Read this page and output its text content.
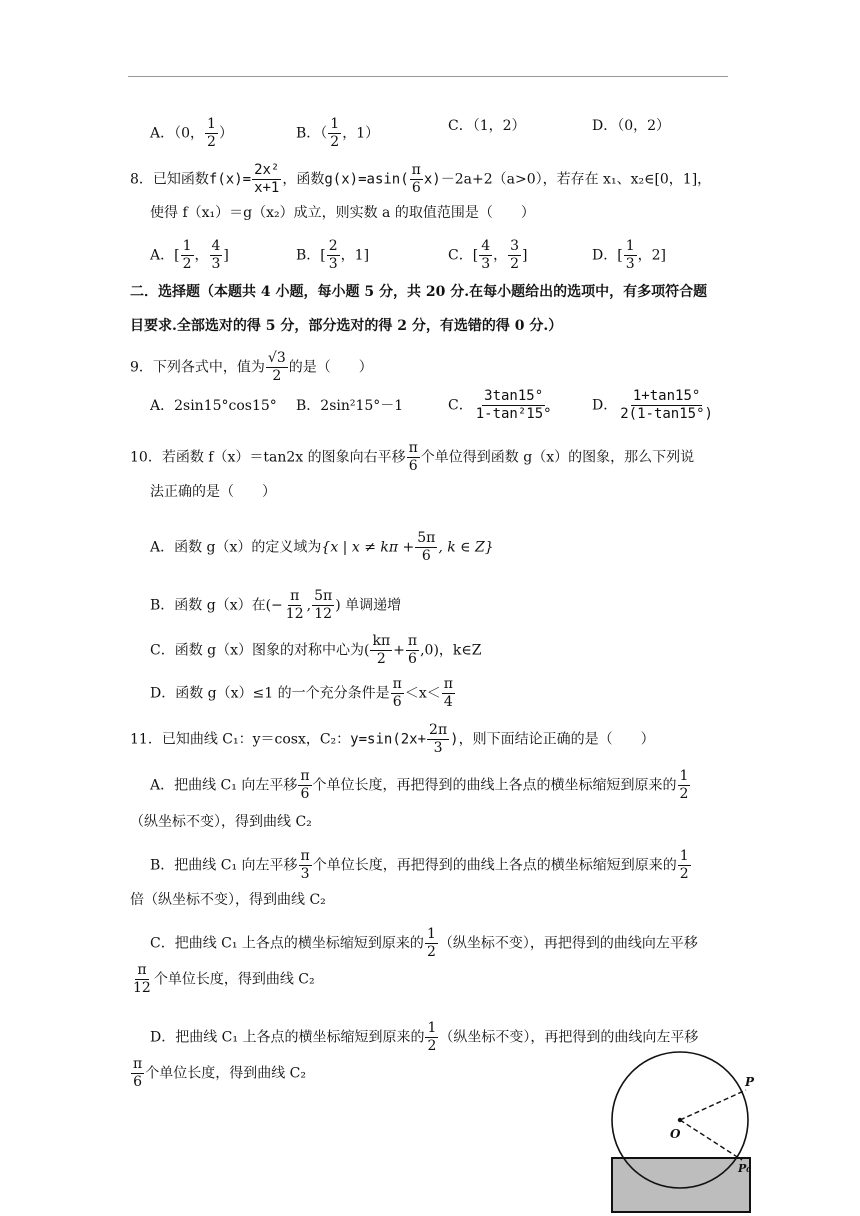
A．（0， $\frac{1}{2}$ ）	B．（ $\frac{1}{2}$ ，1）	C．（1，2）	D．（0，2）
8．已知函数$f(x)= \frac{\text{2x²}}{x+1}$ ，函数$g(x)=asin( \frac{\pi}{6} x)-2a+2(a>0)$，若存在 x₁、x₂∈[0，1]，
使得 f（x₁）＝g（x₂）成立，则实数 a 的取值范围是（　　）
A．[ $\frac{1}{2}$ ， $\frac{4}{3}$ ]	B．[ $\frac{2}{3}$ ，1]	C．[ $\frac{4}{3}$ ， $\frac{3}{2}$ ]	D．[ $\frac{1}{3}$ ，2]
二．选择题（本题共 4 小题，每小题 5 分，共 20 分.在每小题给出的选项中，有多项符合题
目要求.全部选对的得 5 分，部分选对的得 2 分，有选错的得 0 分.）
9．下列各式中，值为 $\frac{√3}{2}$ 的是（　　）
A．2sin15°cos15° B．2sin²15°－1	C． $\frac{3\tan 15^\circ}{\text{1-tan²15°}}$	D． $\frac{1+\tan 15^\circ}{2(1-\tan 15^\circ)}$
10．若函数 f（x）＝tan2x 的图象向右平移 $\frac{\pi}{6}$ 个单位得到函数 g（x）的图象，那么下列说
法正确的是（　　）
A．函数 g（x）的定义域为{x | $x \ne k\pi + \frac{5\pi}{6}$ , k ∈ Z}
B．函数 g（x）在(− $\frac{\pi}{12}$ , $\frac{5\pi}{12}$ ) 单调递增
C．函数 g（x）图象的对称中心为( $\frac{k\pi}{2} + \frac{\pi}{6} ,0$)，k∈Z
D．函数 g（x）≤1 的一个充分条件是 $\frac{\pi}{6} <x< \frac{\pi}{4}$
11．已知曲线 C₁：y＝cosx，C₂：$y=\sin(2x+ \frac{2\pi}{3}$ )，则下面结论正确的是（　　）
A．把曲线 C₁ 向左平移 $\frac{\pi}{6}$ 个单位长度，再把得到的曲线上各点的横坐标缩短到原来的 $\frac{1}{2}$
（纵坐标不变），得到曲线 C₂
B．把曲线 C₁ 向左平移 $\frac{\pi}{3}$ 个单位长度，再把得到的曲线上各点的横坐标缩短到原来的 $\frac{1}{2}$
倍（纵坐标不变），得到曲线 C₂
C．把曲线 C₁ 上各点的横坐标缩短到原来的 $\frac{1}{2}$ （纵坐标不变），再把得到的曲线向左平移
$\frac{\pi}{12}$ 个单位长度，得到曲线 C₂
D．把曲线 C₁ 上各点的横坐标缩短到原来的 $\frac{1}{2}$ （纵坐标不变），再把得到的曲线向左平移
$\frac{\pi}{6}$ 个单位长度，得到曲线 C₂
P
O
P₀
